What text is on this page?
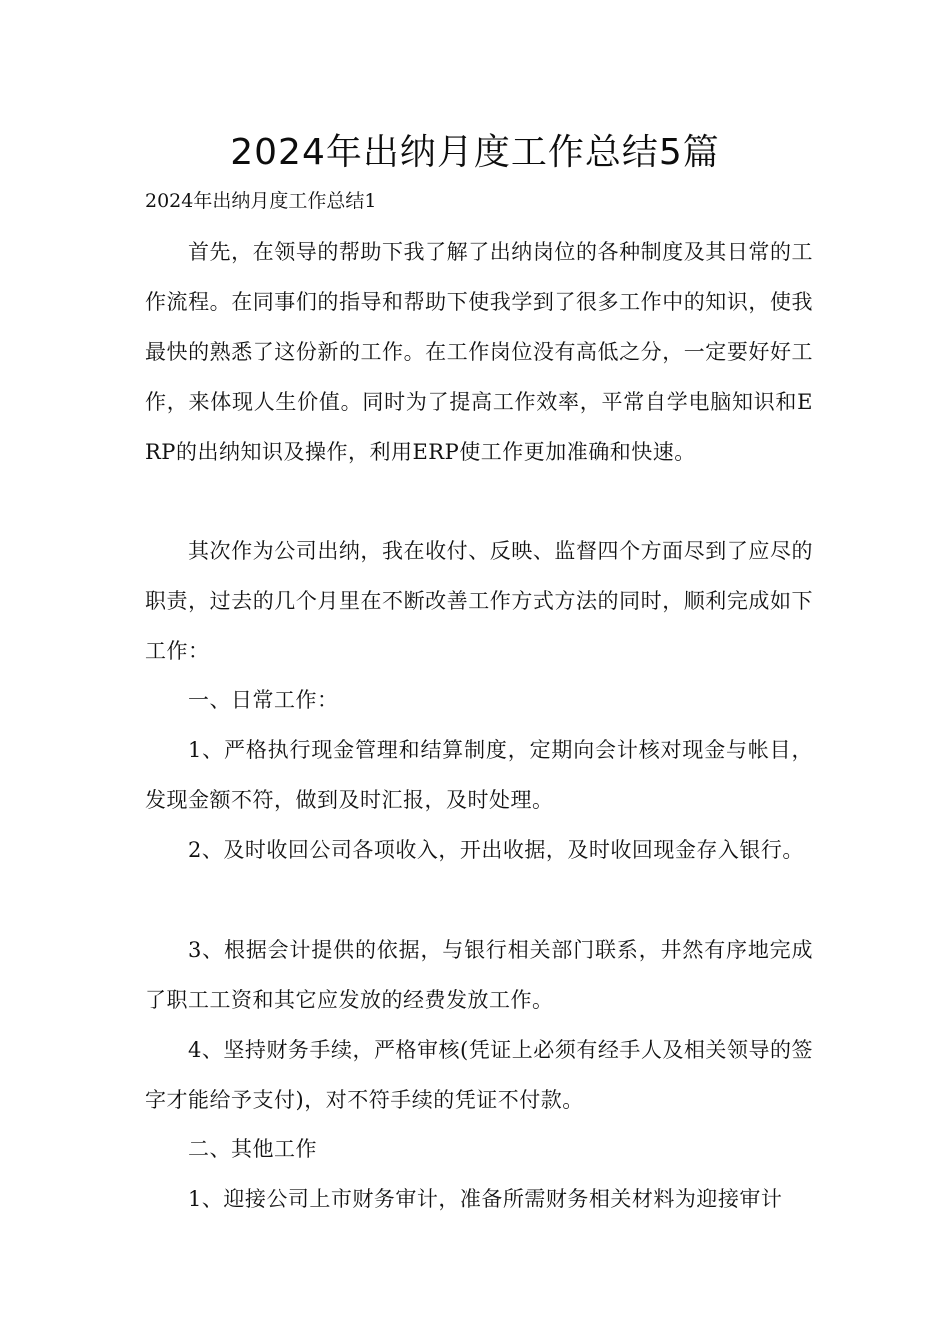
2024年出纳月度工作总结5篇
2024年出纳月度工作总结1

首先，在领导的帮助下我了解了出纳岗位的各种制度及其日常的工作流程。在同事们的指导和帮助下使我学到了很多工作中的知识，使我最快的熟悉了这份新的工作。在工作岗位没有高低之分，一定要好好工作，来体现人生价值。同时为了提高工作效率，平常自学电脑知识和ERP的出纳知识及操作，利用ERP使工作更加准确和快速。

其次作为公司出纳，我在收付、反映、监督四个方面尽到了应尽的职责，过去的几个月里在不断改善工作方式方法的同时，顺利完成如下工作：

一、日常工作：

1、严格执行现金管理和结算制度，定期向会计核对现金与帐目，发现金额不符，做到及时汇报，及时处理。

2、及时收回公司各项收入，开出收据，及时收回现金存入银行。

3、根据会计提供的依据，与银行相关部门联系，井然有序地完成了职工工资和其它应发放的经费发放工作。

4、坚持财务手续，严格审核(凭证上必须有经手人及相关领导的签字才能给予支付)，对不符手续的凭证不付款。

二、其他工作

1、迎接公司上市财务审计，准备所需财务相关材料为迎接审计
